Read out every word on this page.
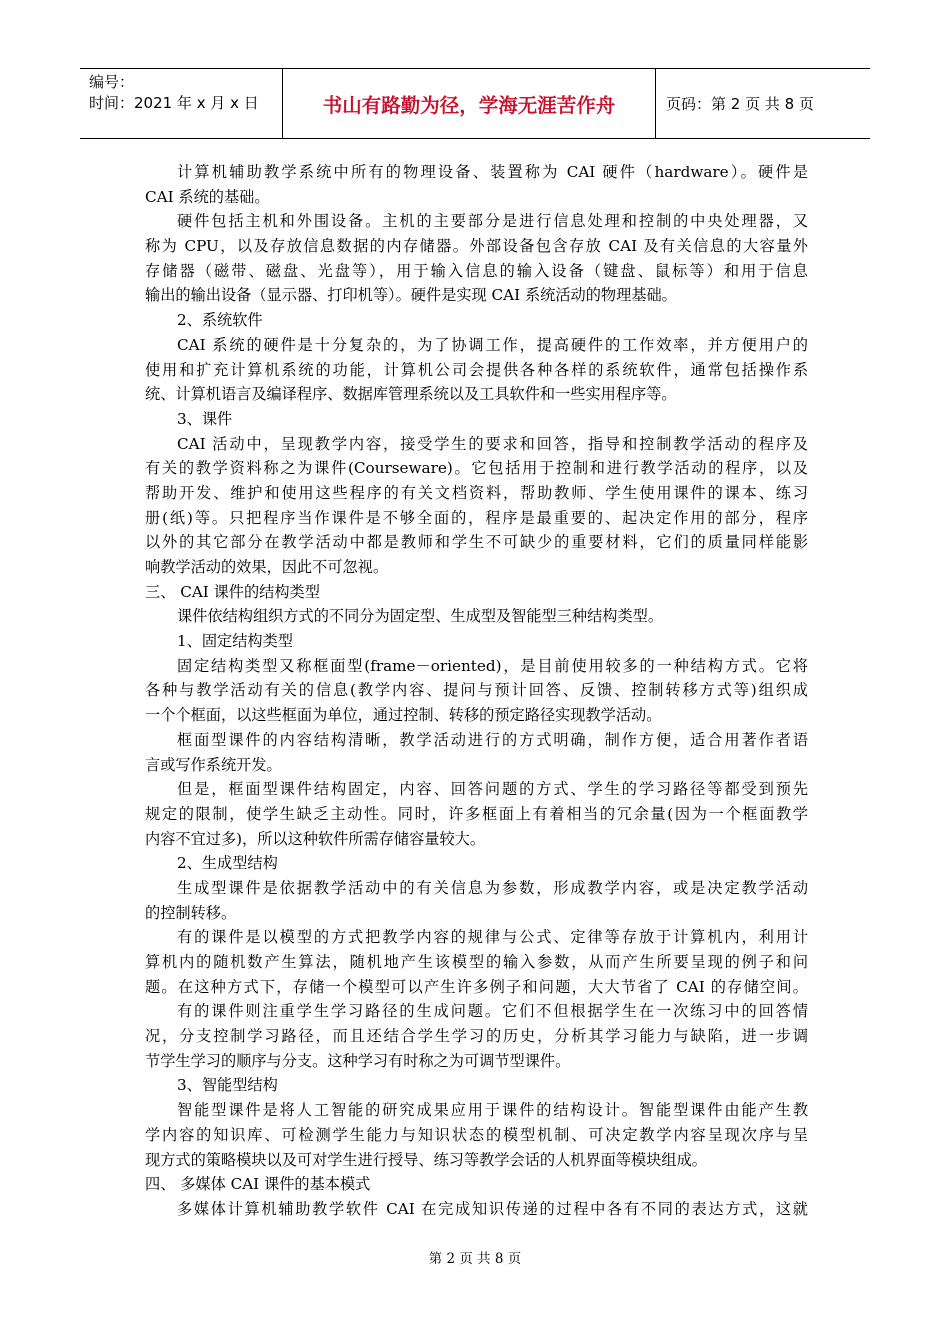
编号：
时间：2021 年 x 月 x 日	书山有路勤为径，学海无涯苦作舟	页码：第 2 页 共 8 页
计算机辅助教学系统中所有的物理设备、装置称为 CAI 硬件（hardware）。硬件是
CAI 系统的基础。
硬件包括主机和外围设备。主机的主要部分是进行信息处理和控制的中央处理器，又
称为 CPU，以及存放信息数据的内存储器。外部设备包含存放 CAI 及有关信息的大容量外
存储器（磁带、磁盘、光盘等），用于输入信息的输入设备（键盘、鼠标等）和用于信息
输出的输出设备（显示器、打印机等）。硬件是实现 CAI 系统活动的物理基础。
2、系统软件
CAI 系统的硬件是十分复杂的，为了协调工作，提高硬件的工作效率，并方便用户的
使用和扩充计算机系统的功能，计算机公司会提供各种各样的系统软件，通常包括操作系
统、计算机语言及编译程序、数据库管理系统以及工具软件和一些实用程序等。
3、课件
CAI 活动中，呈现教学内容，接受学生的要求和回答，指导和控制教学活动的程序及
有关的教学资料称之为课件(Courseware)。它包括用于控制和进行教学活动的程序，以及
帮助开发、维护和使用这些程序的有关文档资料，帮助教师、学生使用课件的课本、练习
册(纸)等。只把程序当作课件是不够全面的，程序是最重要的、起决定作用的部分，程序
以外的其它部分在教学活动中都是教师和学生不可缺少的重要材料，它们的质量同样能影
响教学活动的效果，因此不可忽视。
三、 CAI 课件的结构类型
课件依结构组织方式的不同分为固定型、生成型及智能型三种结构类型。
1、固定结构类型
固定结构类型又称框面型(frame－oriented)，是目前使用较多的一种结构方式。它将
各种与教学活动有关的信息(教学内容、提问与预计回答、反馈、控制转移方式等)组织成
一个个框面，以这些框面为单位，通过控制、转移的预定路径实现教学活动。
框面型课件的内容结构清晰，教学活动进行的方式明确，制作方便，适合用著作者语
言或写作系统开发。
但是，框面型课件结构固定，内容、回答问题的方式、学生的学习路径等都受到预先
规定的限制，使学生缺乏主动性。同时，许多框面上有着相当的冗余量(因为一个框面教学
内容不宜过多)，所以这种软件所需存储容量较大。
2、生成型结构
生成型课件是依据教学活动中的有关信息为参数，形成教学内容，或是决定教学活动
的控制转移。
有的课件是以模型的方式把教学内容的规律与公式、定律等存放于计算机内，利用计
算机内的随机数产生算法，随机地产生该模型的输入参数，从而产生所要呈现的例子和问
题。在这种方式下，存储一个模型可以产生许多例子和问题，大大节省了 CAI 的存储空间。
有的课件则注重学生学习路径的生成问题。它们不但根据学生在一次练习中的回答情
况，分支控制学习路径，而且还结合学生学习的历史，分析其学习能力与缺陷，进一步调
节学生学习的顺序与分支。这种学习有时称之为可调节型课件。
3、智能型结构
智能型课件是将人工智能的研究成果应用于课件的结构设计。智能型课件由能产生教
学内容的知识库、可检测学生能力与知识状态的模型机制、可决定教学内容呈现次序与呈
现方式的策略模块以及可对学生进行授导、练习等教学会话的人机界面等模块组成。
四、 多媒体 CAI 课件的基本模式
多媒体计算机辅助教学软件 CAI 在完成知识传递的过程中各有不同的表达方式，这就
第 2 页 共 8 页
